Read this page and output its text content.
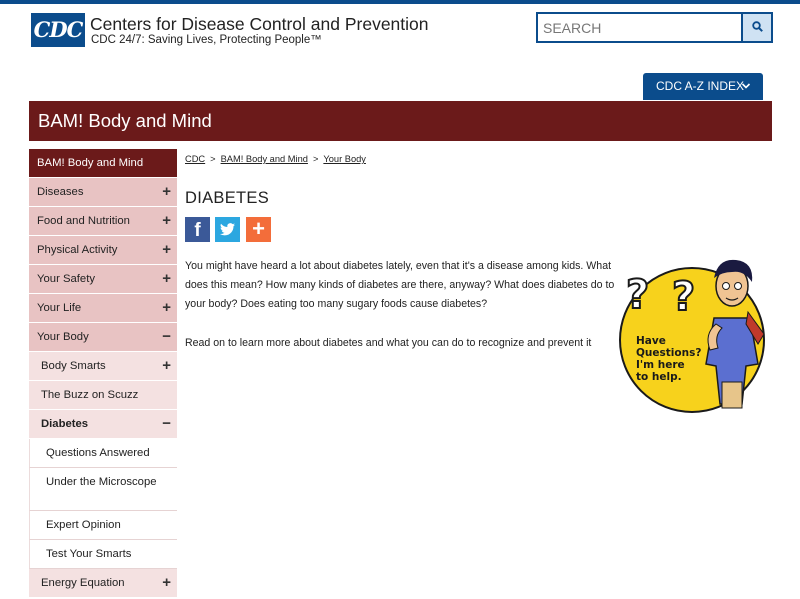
CDC Centers for Disease Control and Prevention
CDC 24/7: Saving Lives, Protecting People™
SEARCH
CDC A-Z INDEX
BAM! Body and Mind
BAM! Body and Mind
Diseases	+
Food and Nutrition +
Physical Activity	+
Your Safety	+
Your Life	+
Your Body	−
Body Smarts	+
The Buzz on Scuzz
Diabetes	−
Questions Answered
Under the Microscope
Expert Opinion
Test Your Smarts
Energy Equation	+
CDC > BAM! Body and Mind > Your Body
DIABETES
f	+

You might have heard a lot about diabetes lately, even that it's a disease among kids. What does this mean? How many kinds of diabetes are there, anyway? What does diabetes do to your body? Does eating too many sugary foods cause diabetes?

Read on to learn more about diabetes and what you can do to recognize and prevent it

? ?
Have
Questions?
I'm here
to help.
